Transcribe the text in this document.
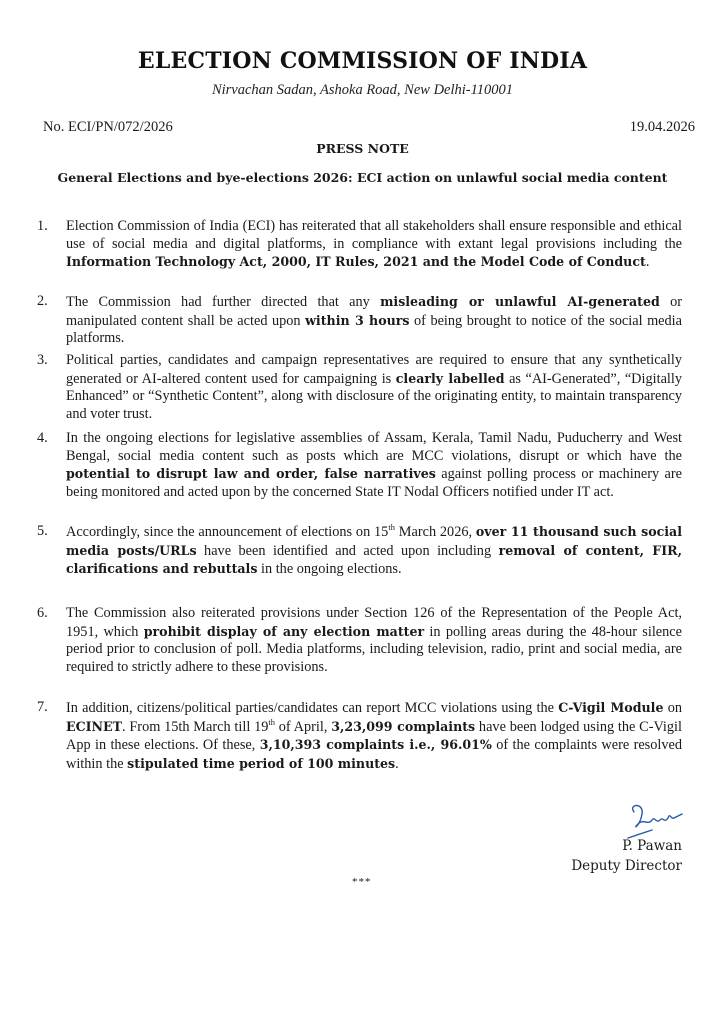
ELECTION COMMISSION OF INDIA
Nirvachan Sadan, Ashoka Road, New Delhi-110001
No. ECI/PN/072/2026	19.04.2026
PRESS NOTE
General Elections and bye-elections 2026: ECI action on unlawful social media content
1.	Election Commission of India (ECI) has reiterated that all stakeholders shall ensure responsible and ethical use of social media and digital platforms, in compliance with extant legal provisions including the Information Technology Act, 2000, IT Rules, 2021 and the Model Code of Conduct.
2.	The Commission had further directed that any misleading or unlawful AI-generated or manipulated content shall be acted upon within 3 hours of being brought to notice of the social media platforms.
3.	Political parties, candidates and campaign representatives are required to ensure that any synthetically generated or AI-altered content used for campaigning is clearly labelled as “AI-Generated”, “Digitally Enhanced” or “Synthetic Content”, along with disclosure of the originating entity, to maintain transparency and voter trust.
4.	In the ongoing elections for legislative assemblies of Assam, Kerala, Tamil Nadu, Puducherry and West Bengal, social media content such as posts which are MCC violations, disrupt or which have the potential to disrupt law and order, false narratives against polling process or machinery are being monitored and acted upon by the concerned State IT Nodal Officers notified under IT act.
5.	Accordingly, since the announcement of elections on 15th March 2026, over 11 thousand such social media posts/URLs have been identified and acted upon including removal of content, FIR, clarifications and rebuttals in the ongoing elections.
6.	The Commission also reiterated provisions under Section 126 of the Representation of the People Act, 1951, which prohibit display of any election matter in polling areas during the 48-hour silence period prior to conclusion of poll. Media platforms, including television, radio, print and social media, are required to strictly adhere to these provisions.
7.	In addition, citizens/political parties/candidates can report MCC violations using the C-Vigil Module on ECINET. From 15th March till 19th of April, 3,23,099 complaints have been lodged using the C-Vigil App in these elections. Of these, 3,10,393 complaints i.e., 96.01% of the complaints were resolved within the stipulated time period of 100 minutes.
P. Pawan
Deputy Director
***
